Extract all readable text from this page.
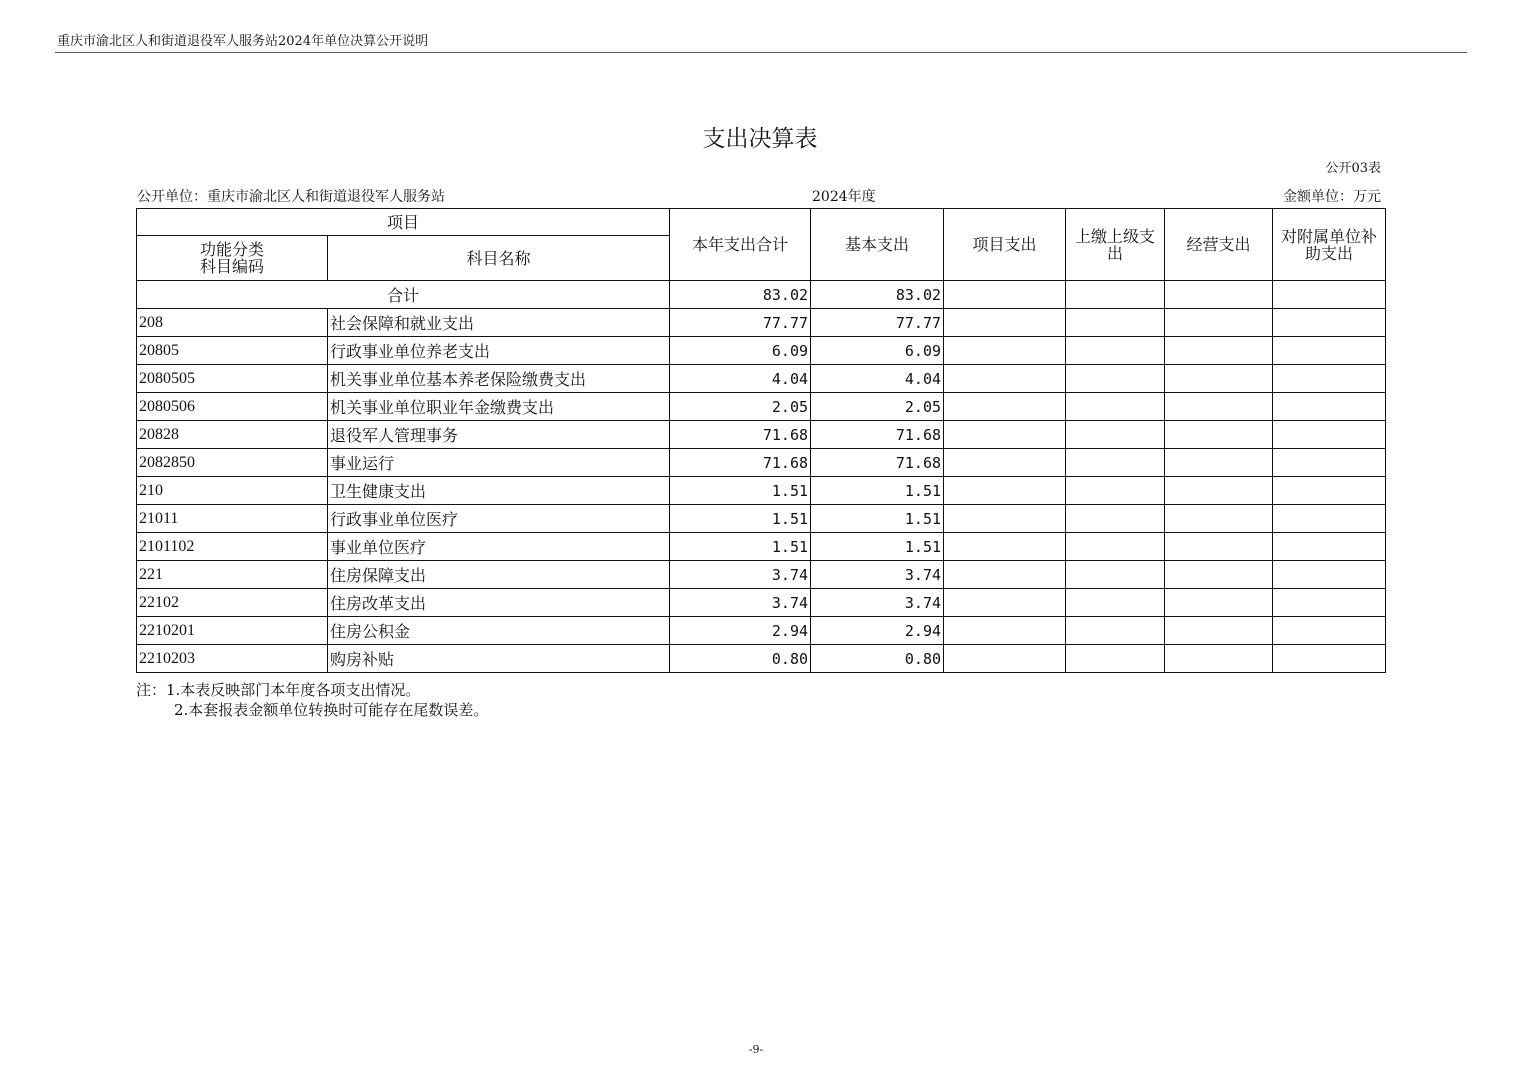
重庆市渝北区人和街道退役军人服务站2024年单位决算公开说明
支出决算表
公开03表
公开单位：重庆市渝北区人和街道退役军人服务站	2024年度	金额单位：万元
项目		本年支出合计	基本支出	项目支出	上缴上级支出	经营支出	对附属单位补助支出

功能分类
科目编码	科目名称						
合计		83.02	83.02				
208	社会保障和就业支出	77.77	77.77				
20805	行政事业单位养老支出	6.09	6.09				
2080505	机关事业单位基本养老保险缴费支出	4.04	4.04				
2080506	机关事业单位职业年金缴费支出	2.05	2.05				
20828	退役军人管理事务	71.68	71.68				
2082850	事业运行	71.68	71.68				
210	卫生健康支出	1.51	1.51				
21011	行政事业单位医疗	1.51	1.51				
2101102	事业单位医疗	1.51	1.51				
221	住房保障支出	3.74	3.74				
22102	住房改革支出	3.74	3.74				
2210201	住房公积金	2.94	2.94				
2210203	购房补贴	0.80	0.80				
注：1.本表反映部门本年度各项支出情况。
2.本套报表金额单位转换时可能存在尾数误差。
-9-
